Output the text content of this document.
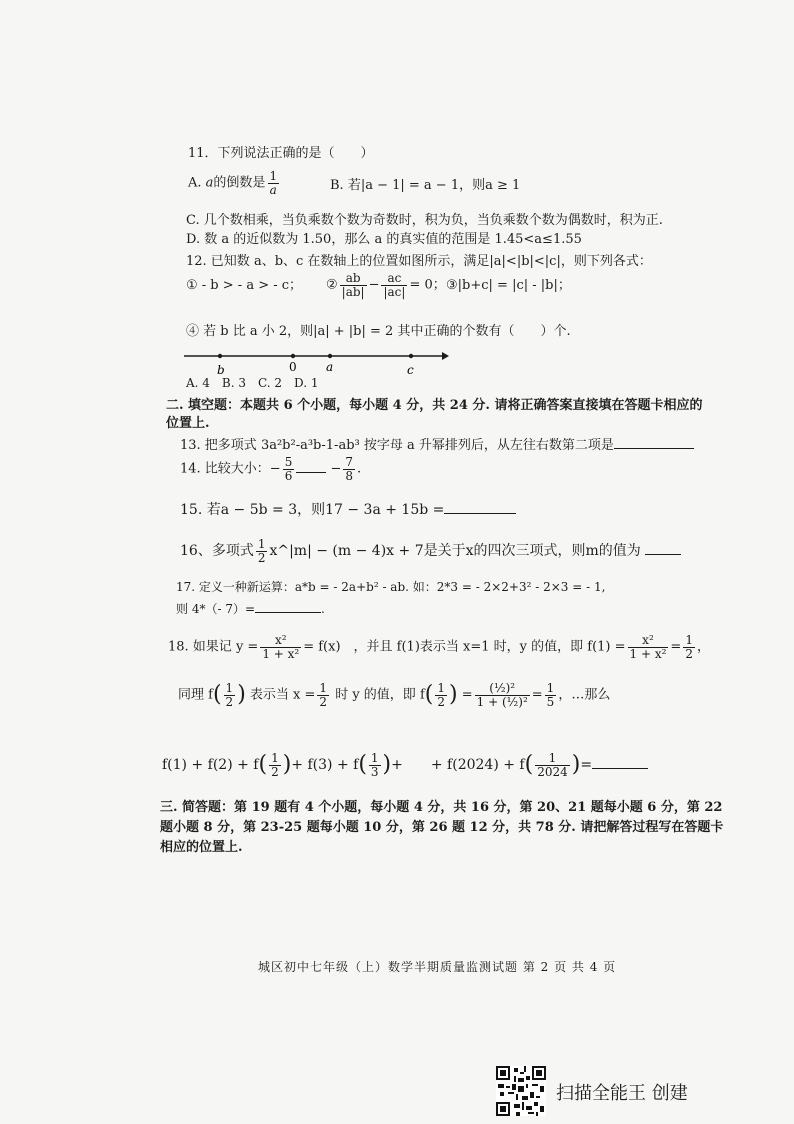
11．下列说法正确的是（　　）
A. a的倒数是 $\frac{1}{a}$	B. 若|a − 1| = a − 1，则a ≥ 1
C. 几个数相乘，当负乘数个数为奇数时，积为负，当负乘数个数为偶数时，积为正.
D. 数 a 的近似数为 1.50，那么 a 的真实值的范围是 1.45<a≤1.55
12. 已知数 a、b、c 在数轴上的位置如图所示，满足|a|<|b|<|c|，则下列各式：
① - b > - a > - c； ② $\frac{ab}{|ab|} - \frac{ac}{|ac|} = 0$； ③|b+c| = |c| - |b|；
④ 若 b 比 a 小 2，则|a| + |b| = 2 其中正确的个数有（　　）个.
b	0 a	c
A. 4　B. 3　C. 2　D. 1
二. 填空题：本题共 6 个小题，每小题 4 分，共 24 分. 请将正确答案直接填在答题卡相应的
位置上.
13. 把多项式 3a²b²-a³b-1-ab³ 按字母 a 升幂排列后，从左往右数第二项是
14. 比较大小：− $\frac{5}{6}$	− $\frac{7}{8}$ .
15. 若a − 5b = 3，则17 − 3a + 15b =
16、多项式 $\frac{1}{2}$ x^|m| − (m − 4)x + 7是关于x的四次三项式，则m的值为
17. 定义一种新运算：a*b = - 2a+b² - ab. 如：2*3 = - 2×2+3² - 2×3 = - 1,
则 4*（- 7）=	.
18. 如果记 $y = \frac{\text{x²}}{\text{1 + x²}} = f(x)$　，并且 f(1)表示当 x=1 时，y 的值，即 $f(1) = \frac{\text{x²}}{\text{1 + x²}} = \frac{1}{2}$ ，
同理 $f( \frac{1}{2}$ ) 表示当 $x = \frac{1}{2}$ 时 y 的值，即 $f( \frac{1}{2}$ ) = $\frac{\text{(½)²}}{\text{1 + (½)²}} = \frac{1}{5}$ ，…那么
$f(1) + f(2) + f( \frac{1}{2}$ )+ $f(3) + f( \frac{1}{3}$ )+　　+ $f(2024) + f( \frac{1}{2024}$ )=
三. 简答题：第 19 题有 4 个小题，每小题 4 分，共 16 分，第 20、21 题每小题 6 分，第 22
题小题 8 分，第 23-25 题每小题 10 分，第 26 题 12 分，共 78 分. 请把解答过程写在答题卡
相应的位置上.
城区初中七年级（上）数学半期质量监测试题 第 2 页 共 4 页
扫描全能王 创建
